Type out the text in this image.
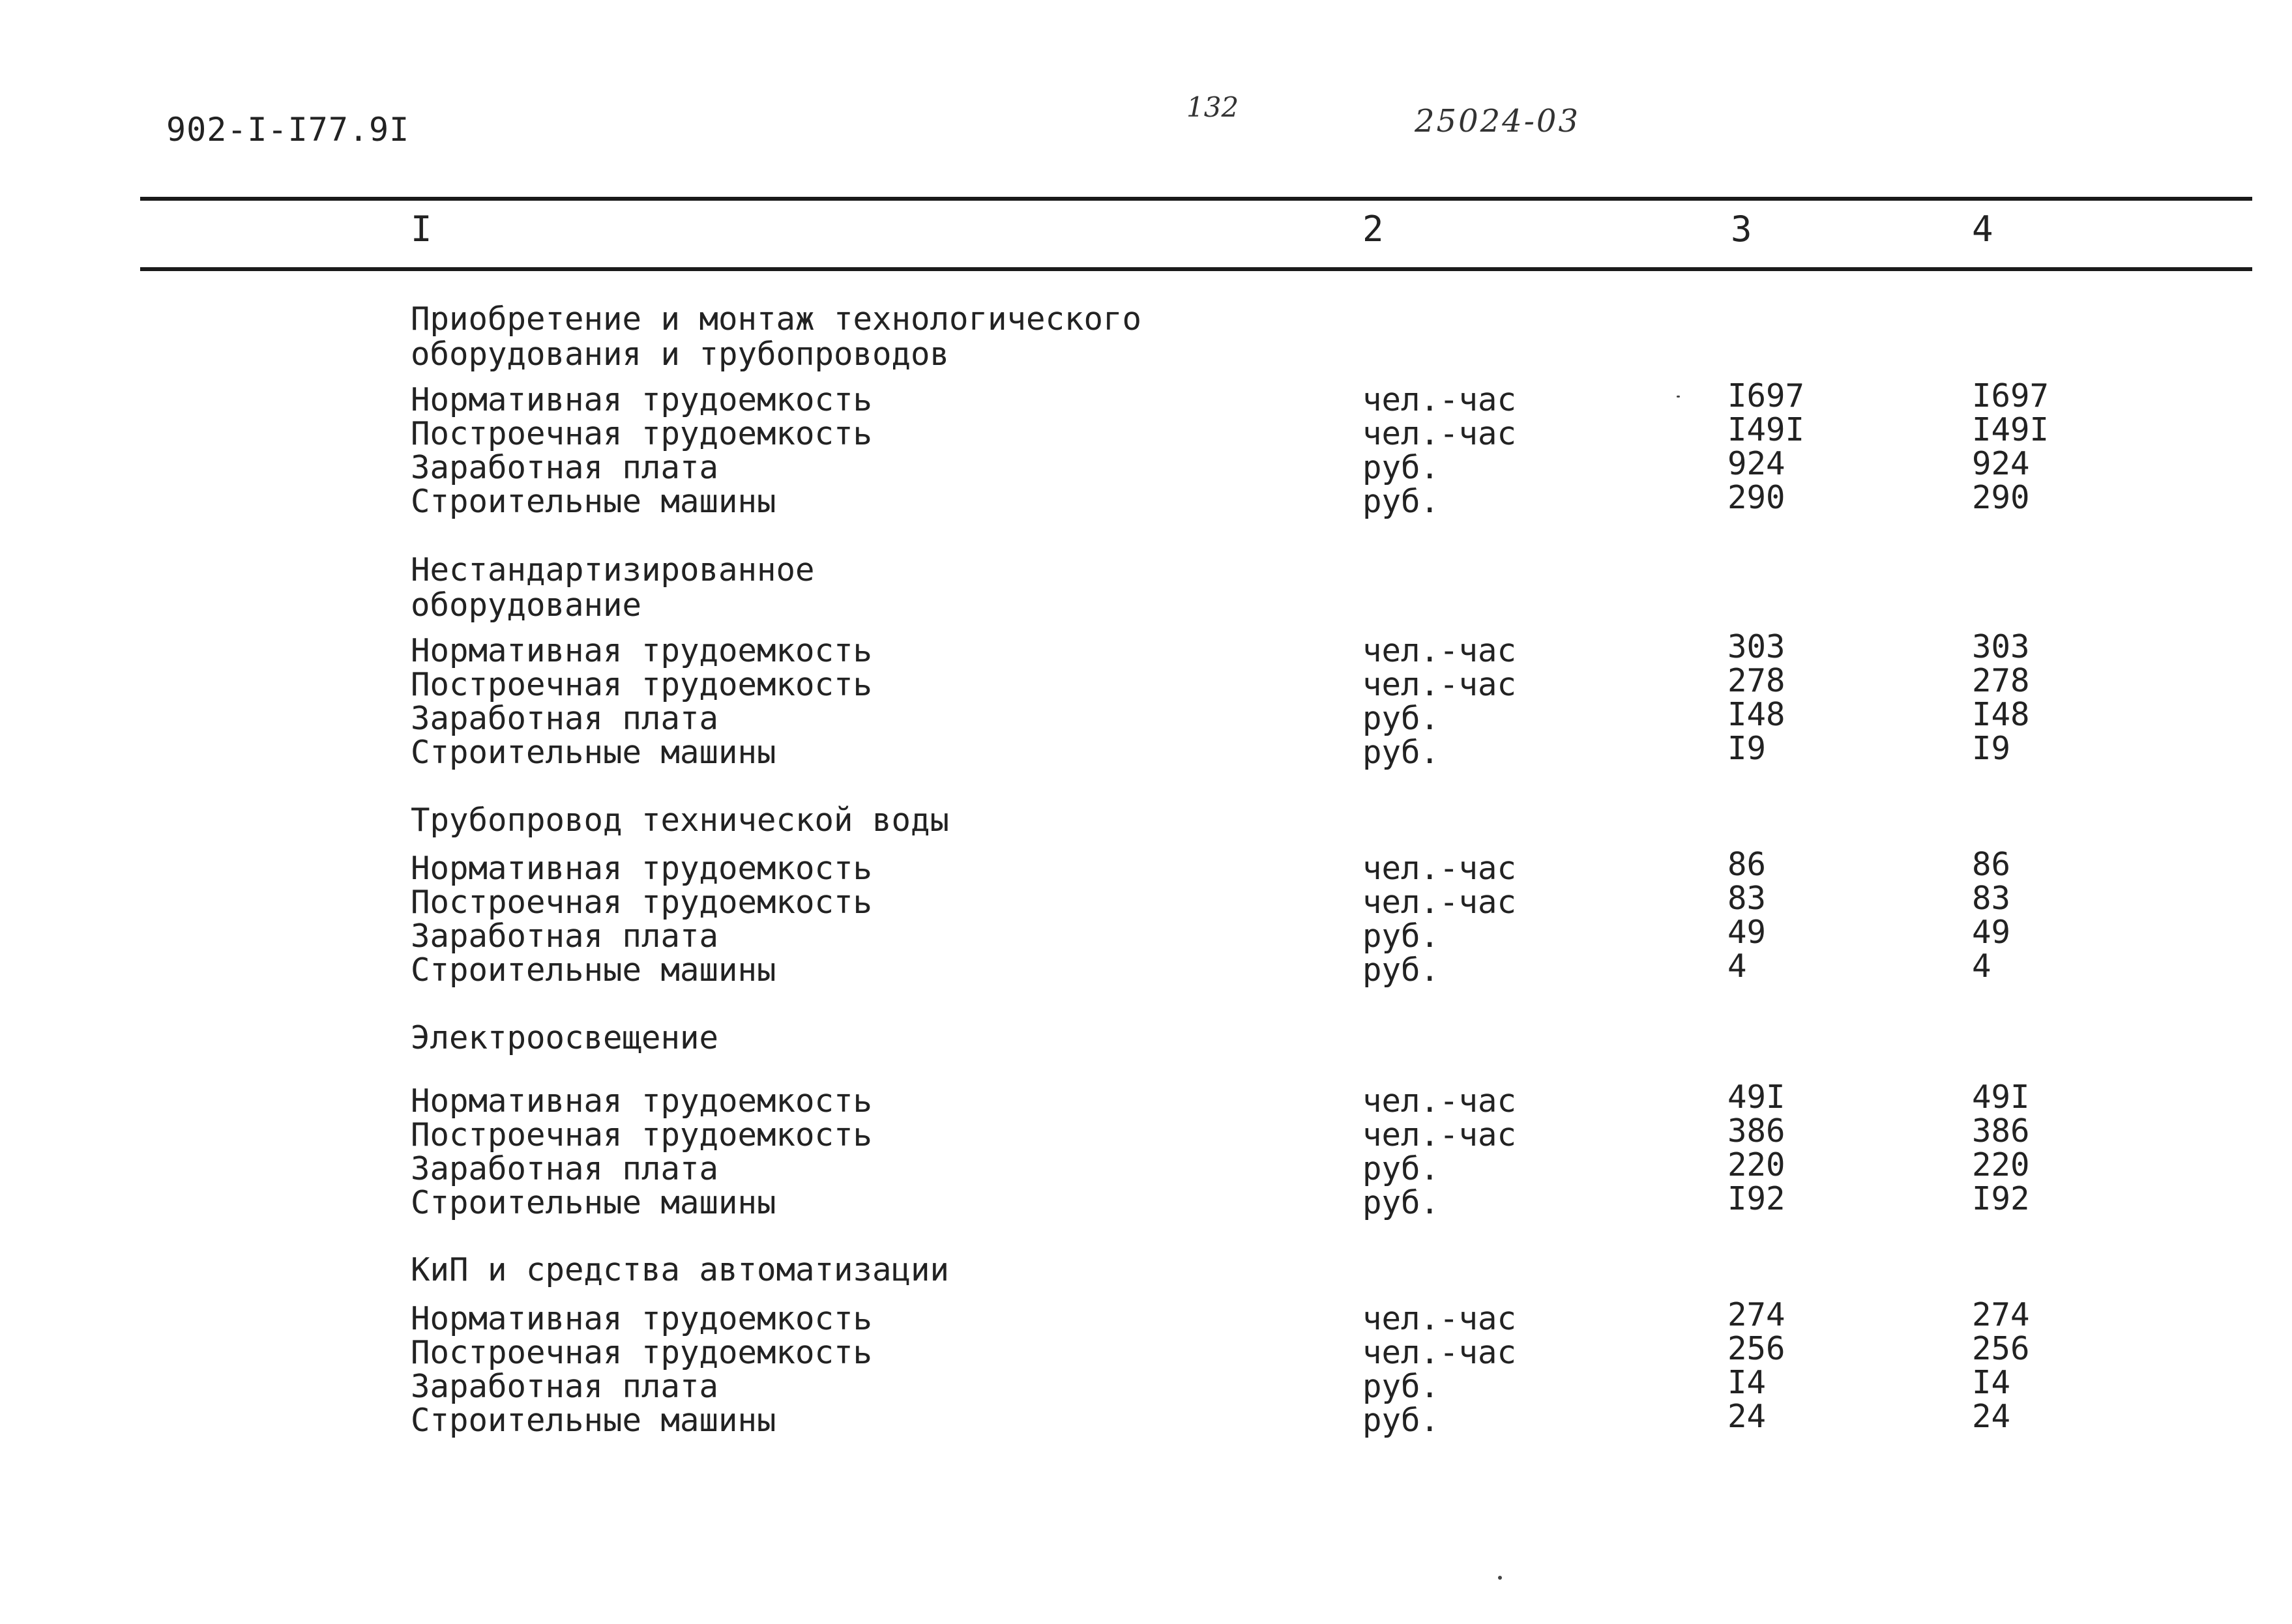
902-I-I77.9I
132	25024-03
I	2	3	4
Приобретение и монтаж технологического
оборудования и трубопроводов
Нормативная трудоемкость	чел.-час	I697	I697
Построечная трудоемкость	чел.-час	I49I	I49I
Заработная плата	руб.	924	924
Строительные машины	руб.	290	290
Нестандартизированное
оборудование
Нормативная трудоемкость	чел.-час	303	303
Построечная трудоемкость	чел.-час	278	278
Заработная плата	руб.	I48	I48
Строительные машины	руб.	I9	I9
Трубопровод технической воды
Нормативная трудоемкость	чел.-час	86	86
Построечная трудоемкость	чел.-час	83	83
Заработная плата	руб.	49	49
Строительные машины	руб.	4	4
Электроосвещение
Нормативная трудоемкость	чел.-час	49I	49I
Построечная трудоемкость	чел.-час	386	386
Заработная плата	руб.	220	220
Строительные машины	руб.	I92	I92
КиП и средства автоматизации
Нормативная трудоемкость	чел.-час	274	274
Построечная трудоемкость	чел.-час	256	256
Заработная плата	руб.	I4	I4
Строительные машины	руб.	24	24
